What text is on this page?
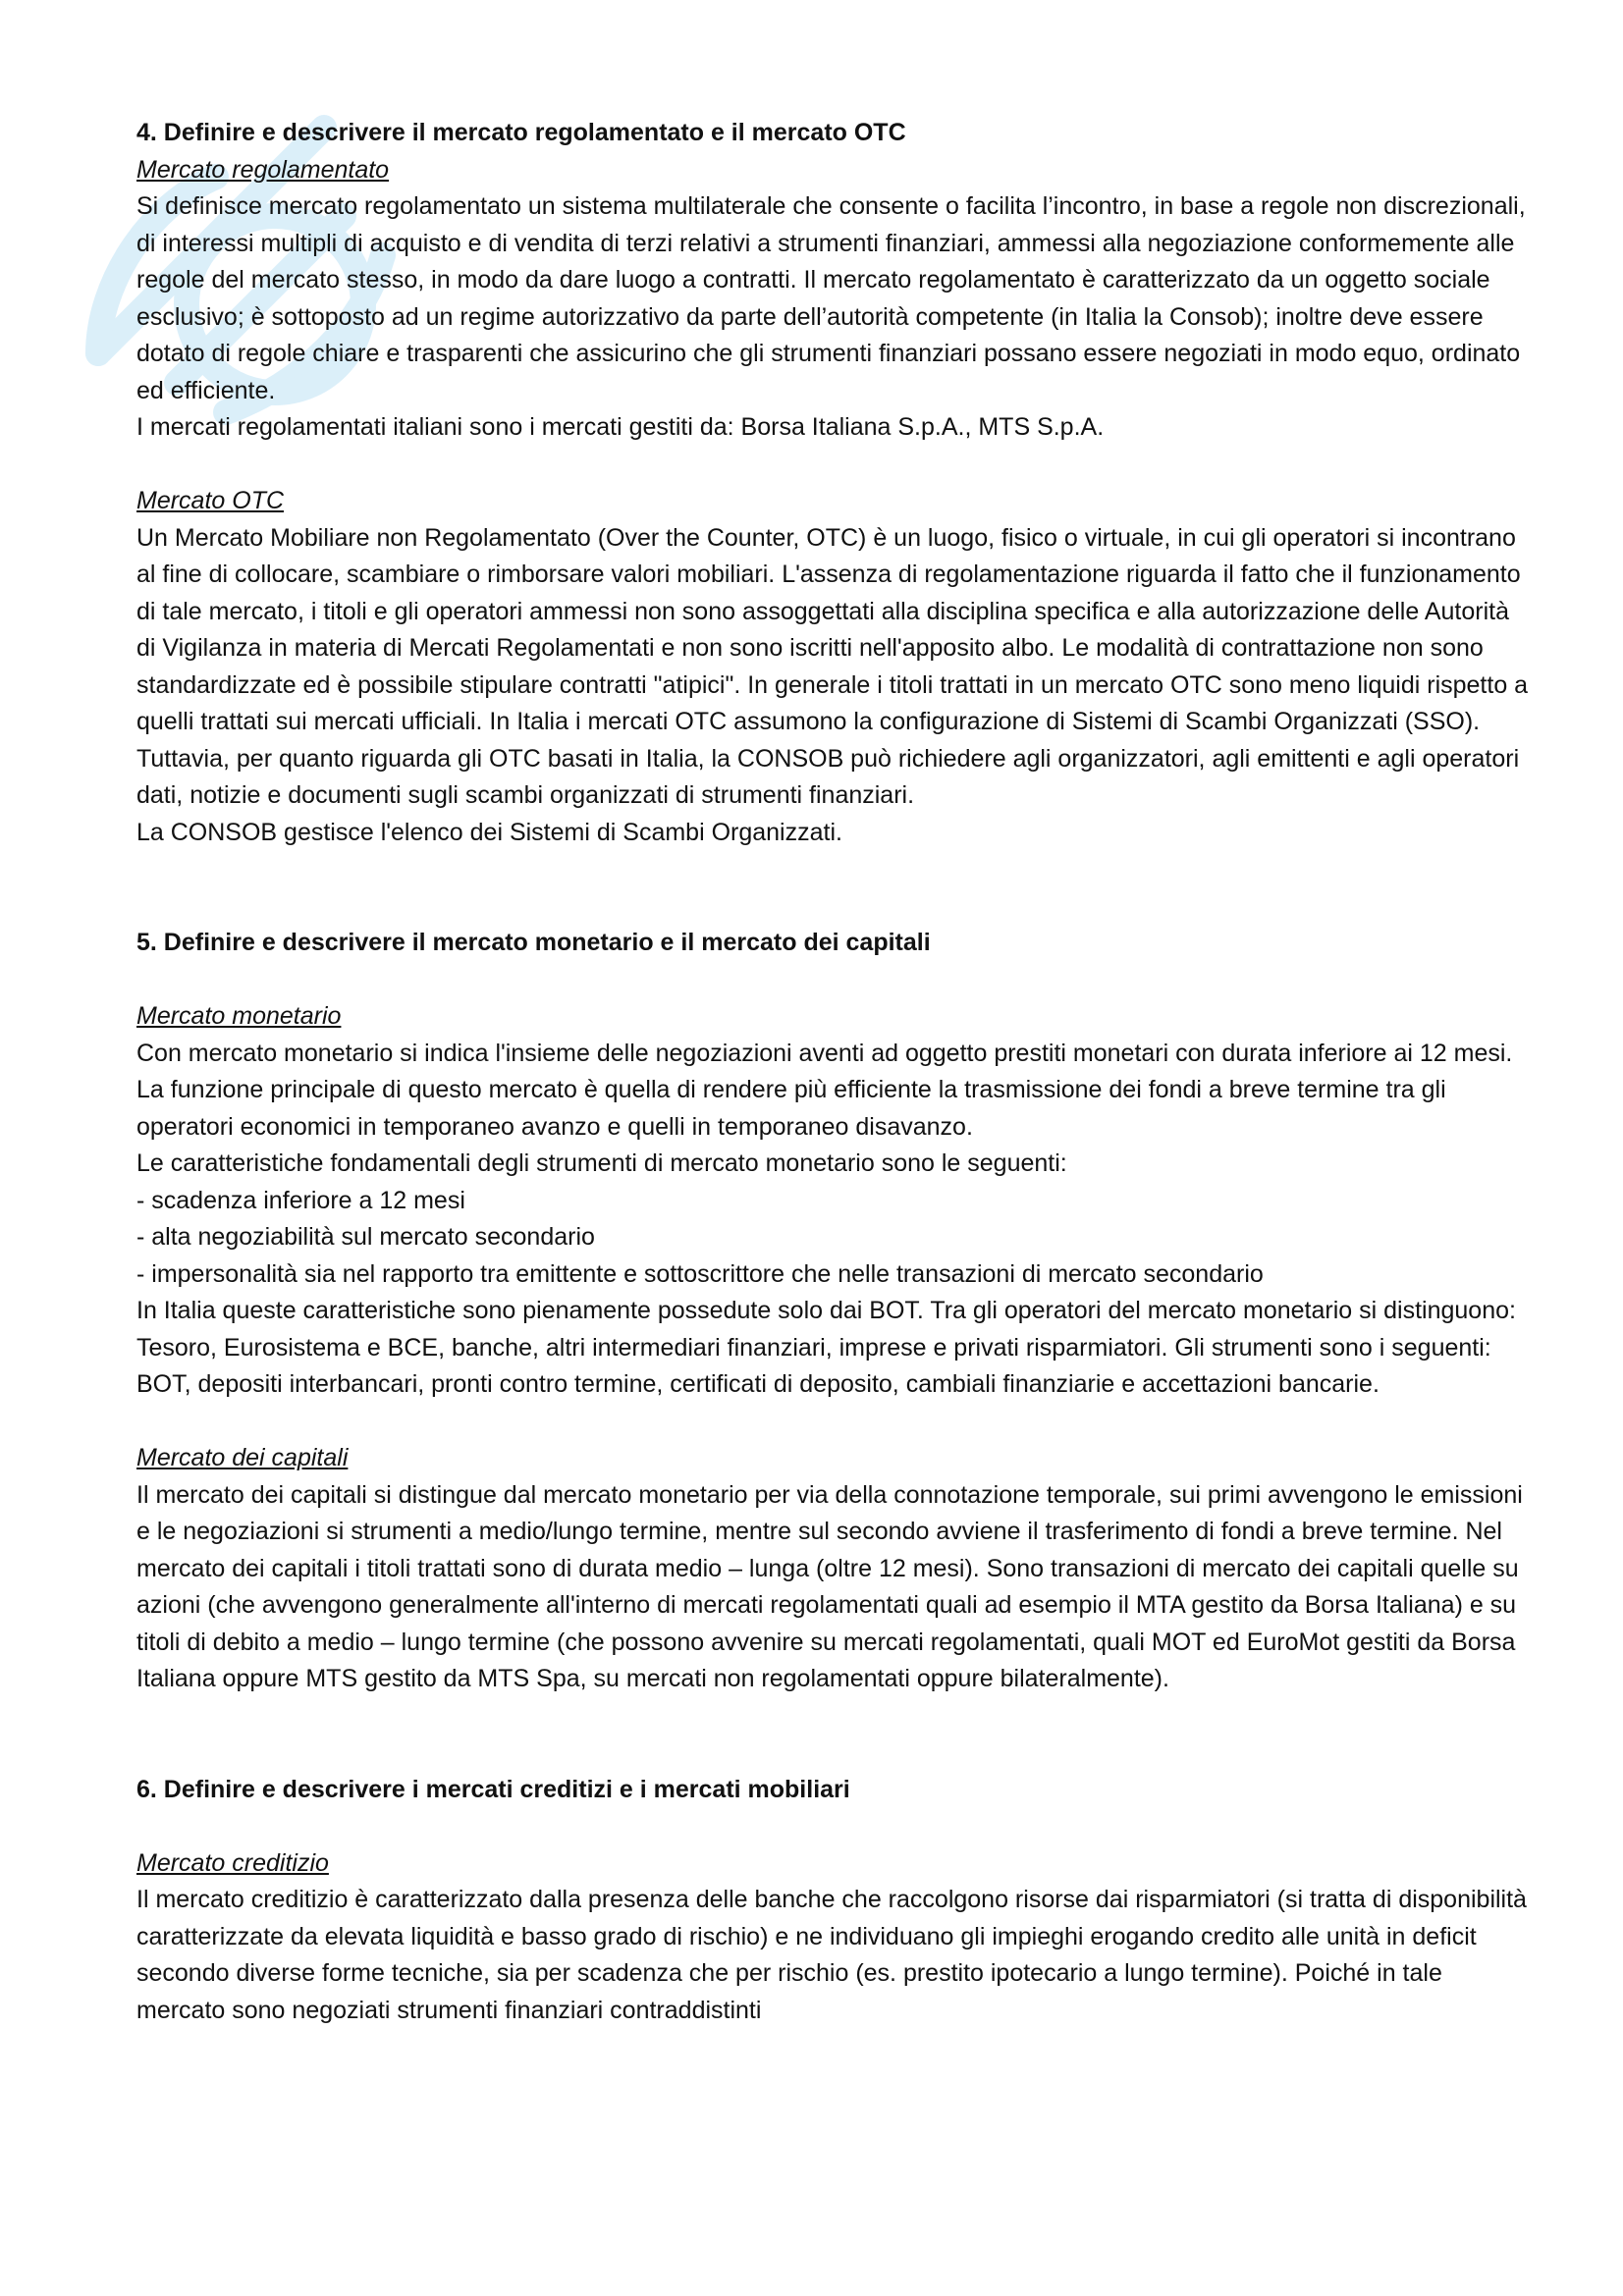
4. Definire e descrivere il mercato regolamentato e il mercato OTC

Mercato regolamentato

Si definisce mercato regolamentato un sistema multilaterale che consente o facilita l’incontro, in base a regole non discrezionali, di interessi multipli di acquisto e di vendita di terzi relativi a strumenti finanziari, ammessi alla negoziazione conformemente alle regole del mercato stesso, in modo da dare luogo a contratti. Il mercato regolamentato è caratterizzato da un oggetto sociale esclusivo; è sottoposto ad un regime autorizzativo da parte dell’autorità competente (in Italia la Consob); inoltre deve essere dotato di regole chiare e trasparenti che assicurino che gli strumenti finanziari possano essere negoziati in modo equo, ordinato ed efficiente.

I mercati regolamentati italiani sono i mercati gestiti da: Borsa Italiana S.p.A., MTS S.p.A.

Mercato OTC

Un Mercato Mobiliare non Regolamentato (Over the Counter, OTC) è un luogo, fisico o virtuale, in cui gli operatori si incontrano al fine di collocare, scambiare o rimborsare valori mobiliari. L'assenza di regolamentazione riguarda il fatto che il funzionamento di tale mercato, i titoli e gli operatori ammessi non sono assoggettati alla disciplina specifica e alla autorizzazione delle Autorità di Vigilanza in materia di Mercati Regolamentati e non sono iscritti nell'apposito albo. Le modalità di contrattazione non sono standardizzate ed è possibile stipulare contratti "atipici". In generale i titoli trattati in un mercato OTC sono meno liquidi rispetto a quelli trattati sui mercati ufficiali. In Italia i mercati OTC assumono la configurazione di Sistemi di Scambi Organizzati (SSO).

Tuttavia, per quanto riguarda gli OTC basati in Italia, la CONSOB può richiedere agli organizzatori, agli emittenti e agli operatori dati, notizie e documenti sugli scambi organizzati di strumenti finanziari.

La CONSOB gestisce l'elenco dei Sistemi di Scambi Organizzati.

5. Definire e descrivere il mercato monetario e il mercato dei capitali

Mercato monetario

Con mercato monetario si indica l'insieme delle negoziazioni aventi ad oggetto prestiti monetari con durata inferiore ai 12 mesi. La funzione principale di questo mercato è quella di rendere più efficiente la trasmissione dei fondi a breve termine tra gli operatori economici in temporaneo avanzo e quelli in temporaneo disavanzo.

Le caratteristiche fondamentali degli strumenti di mercato monetario sono le seguenti:

- scadenza inferiore a 12 mesi

- alta negoziabilità sul mercato secondario

- impersonalità sia nel rapporto tra emittente e sottoscrittore che nelle transazioni di mercato secondario

In Italia queste caratteristiche sono pienamente possedute solo dai BOT. Tra gli operatori del mercato monetario si distinguono: Tesoro, Eurosistema e BCE, banche, altri intermediari finanziari, imprese e privati risparmiatori. Gli strumenti sono i seguenti: BOT, depositi interbancari, pronti contro termine, certificati di deposito, cambiali finanziarie e accettazioni bancarie.

Mercato dei capitali

Il mercato dei capitali si distingue dal mercato monetario per via della connotazione temporale, sui primi avvengono le emissioni e le negoziazioni si strumenti a medio/lungo termine, mentre sul secondo avviene il trasferimento di fondi a breve termine. Nel mercato dei capitali i titoli trattati sono di durata medio – lunga (oltre 12 mesi). Sono transazioni di mercato dei capitali quelle su azioni (che avvengono generalmente all'interno di mercati regolamentati quali ad esempio il MTA gestito da Borsa Italiana) e su titoli di debito a medio – lungo termine (che possono avvenire su mercati regolamentati, quali MOT ed EuroMot gestiti da Borsa Italiana oppure MTS gestito da MTS Spa, su mercati non regolamentati oppure bilateralmente).

6. Definire e descrivere i mercati creditizi e i mercati mobiliari

Mercato creditizio

Il mercato creditizio è caratterizzato dalla presenza delle banche che raccolgono risorse dai risparmiatori (si tratta di disponibilità caratterizzate da elevata liquidità e basso grado di rischio) e ne individuano gli impieghi erogando credito alle unità in deficit secondo diverse forme tecniche, sia per scadenza che per rischio (es. prestito ipotecario a lungo termine). Poiché in tale mercato sono negoziati strumenti finanziari contraddistinti
